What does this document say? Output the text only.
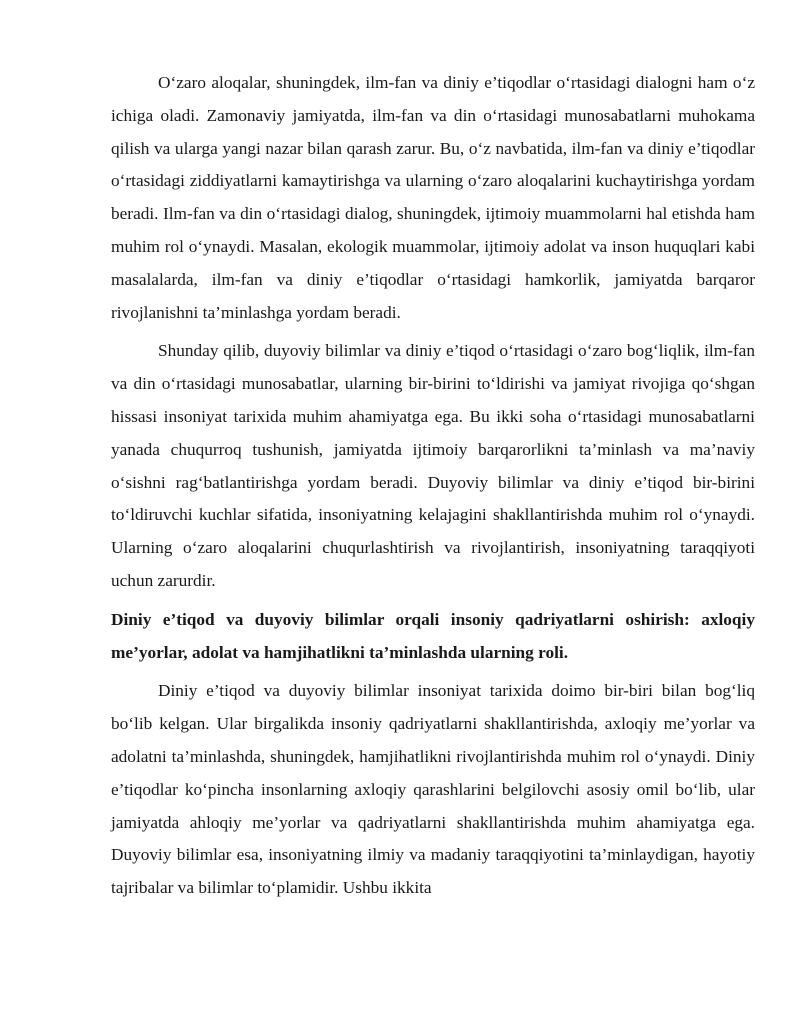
O‘zaro aloqalar, shuningdek, ilm-fan va diniy e’tiqodlar o‘rtasidagi dialogni ham o‘z ichiga oladi. Zamonaviy jamiyatda, ilm-fan va din o‘rtasidagi munosabatlarni muhokama qilish va ularga yangi nazar bilan qarash zarur. Bu, o‘z navbatida, ilm-fan va diniy e’tiqodlar o‘rtasidagi ziddiyatlarni kamaytirishga va ularning o‘zaro aloqalarini kuchaytirishga yordam beradi. Ilm-fan va din o‘rtasidagi dialog, shuningdek, ijtimoiy muammolarni hal etishda ham muhim rol o‘ynaydi. Masalan, ekologik muammolar, ijtimoiy adolat va inson huquqlari kabi masalalarda, ilm-fan va diniy e’tiqodlar o‘rtasidagi hamkorlik, jamiyatda barqaror rivojlanishni ta’minlashga yordam beradi.

Shunday qilib, duyoviy bilimlar va diniy e’tiqod o‘rtasidagi o‘zaro bog‘liqlik, ilm-fan va din o‘rtasidagi munosabatlar, ularning bir-birini to‘ldirishi va jamiyat rivojiga qo‘shgan hissasi insoniyat tarixida muhim ahamiyatga ega. Bu ikki soha o‘rtasidagi munosabatlarni yanada chuqurroq tushunish, jamiyatda ijtimoiy barqarorlikni ta’minlash va ma’naviy o‘sishni rag‘batlantirishga yordam beradi. Duyoviy bilimlar va diniy e’tiqod bir-birini to‘ldiruvchi kuchlar sifatida, insoniyatning kelajagini shakllantirishda muhim rol o‘ynaydi. Ularning o‘zaro aloqalarini chuqurlashtirish va rivojlantirish, insoniyatning taraqqiyoti uchun zarurdir.

Diniy e’tiqod va duyoviy bilimlar orqali insoniy qadriyatlarni oshirish: axloqiy me’yorlar, adolat va hamjihatlikni ta’minlashda ularning roli.

Diniy e’tiqod va duyoviy bilimlar insoniyat tarixida doimo bir-biri bilan bog‘liq bo‘lib kelgan. Ular birgalikda insoniy qadriyatlarni shakllantirishda, axloqiy me’yorlar va adolatni ta’minlashda, shuningdek, hamjihatlikni rivojlantirishda muhim rol o‘ynaydi. Diniy e’tiqodlar ko‘pincha insonlarning axloqiy qarashlarini belgilovchi asosiy omil bo‘lib, ular jamiyatda ahloqiy me’yorlar va qadriyatlarni shakllantirishda muhim ahamiyatga ega. Duyoviy bilimlar esa, insoniyatning ilmiy va madaniy taraqqiyotini ta’minlaydigan, hayotiy tajribalar va bilimlar to‘plamidir. Ushbu ikkita
